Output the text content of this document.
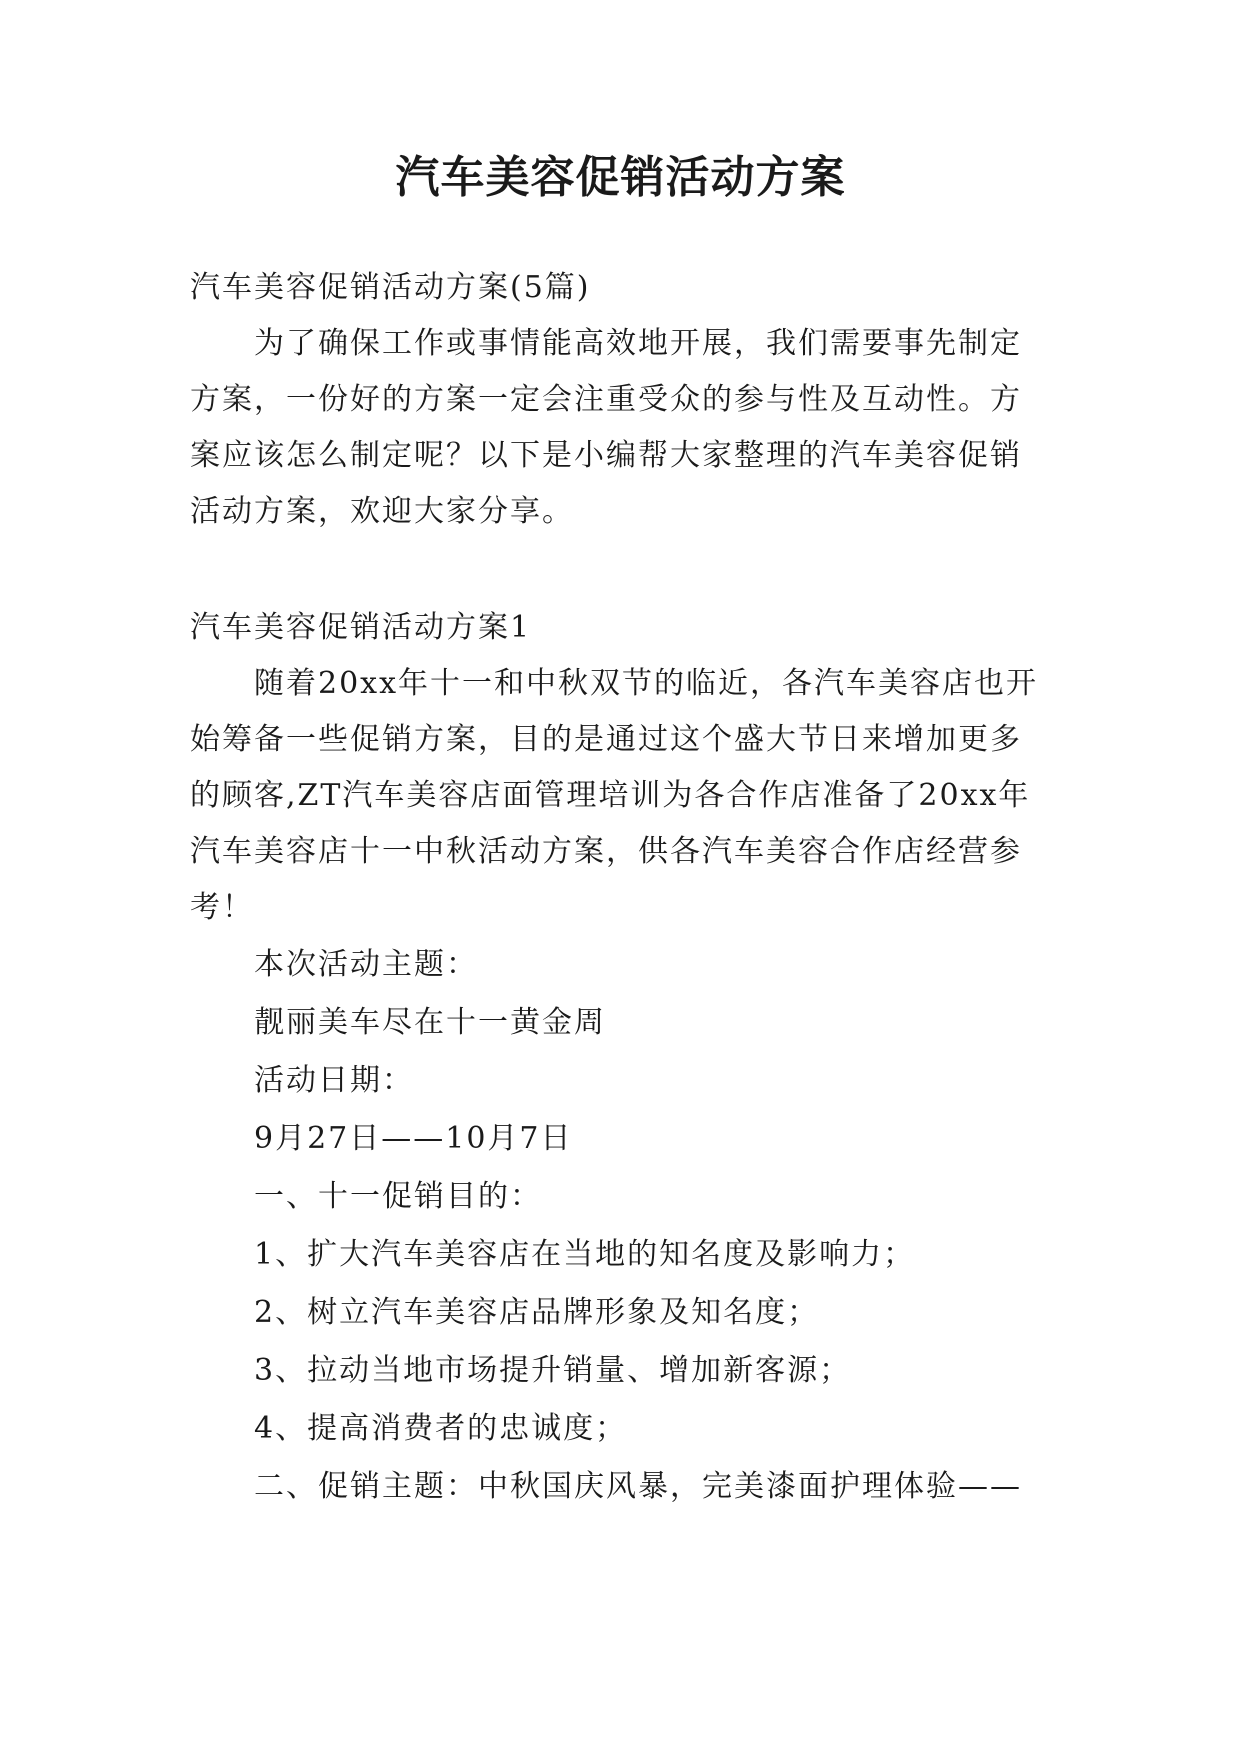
汽车美容促销活动方案

汽车美容促销活动方案(5篇)

为了确保工作或事情能高效地开展，我们需要事先制定方案，一份好的方案一定会注重受众的参与性及互动性。方案应该怎么制定呢？以下是小编帮大家整理的汽车美容促销活动方案，欢迎大家分享。

汽车美容促销活动方案1

随着20xx年十一和中秋双节的临近，各汽车美容店也开始筹备一些促销方案，目的是通过这个盛大节日来增加更多的顾客,ZT汽车美容店面管理培训为各合作店准备了20xx年汽车美容店十一中秋活动方案，供各汽车美容合作店经营参考！

本次活动主题：

靓丽美车尽在十一黄金周

活动日期：

9月27日——10月7日

一、十一促销目的：

1、扩大汽车美容店在当地的知名度及影响力；

2、树立汽车美容店品牌形象及知名度；

3、拉动当地市场提升销量、增加新客源；

4、提高消费者的忠诚度；

二、促销主题：中秋国庆风暴，完美漆面护理体验——
